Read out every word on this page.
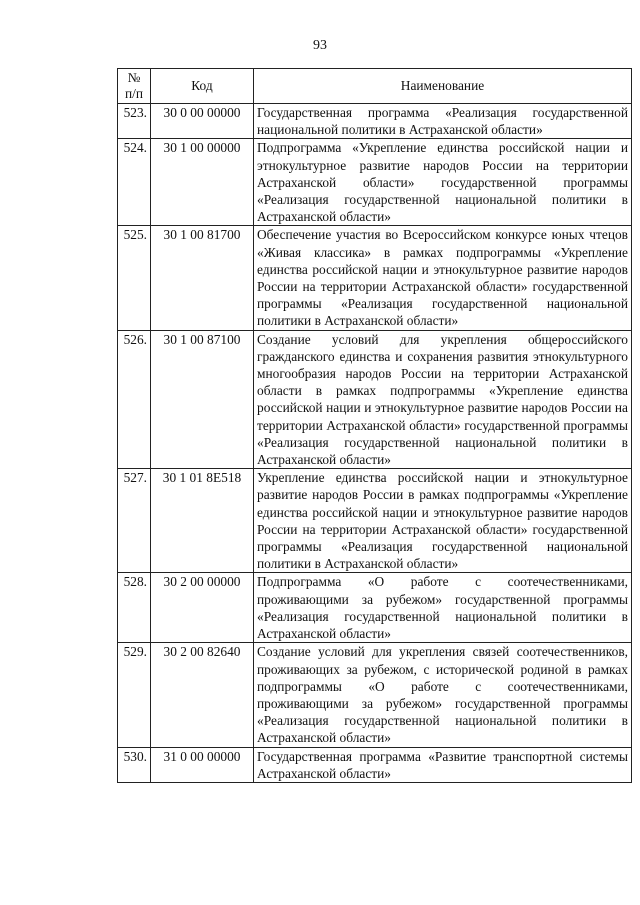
93
№ п/п	Код	Наименование
523.	30 0 00 00000	Государственная программа «Реализация государственной национальной политики в Астраханской области»
524.	30 1 00 00000	Подпрограмма «Укрепление единства российской нации и этнокультурное развитие народов России на территории Астраханской области» государственной программы «Реализация государственной национальной политики в Астраханской области»
525.	30 1 00 81700	Обеспечение участия во Всероссийском конкурсе юных чтецов «Живая классика» в рамках подпрограммы «Укрепление единства российской нации и этнокультурное развитие народов России на территории Астраханской области» государственной программы «Реализация государственной национальной политики в Астраханской области»
526.	30 1 00 87100	Создание условий для укрепления общероссийского гражданского единства и сохранения развития этнокультурного многообразия народов России на территории Астраханской области в рамках подпрограммы «Укрепление единства российской нации и этнокультурное развитие народов России на территории Астраханской области» государственной программы «Реализация государственной национальной политики в Астраханской области»
527.	30 1 01 8E518	Укрепление единства российской нации и этнокультурное развитие народов России в рамках подпрограммы «Укрепление единства российской нации и этнокультурное развитие народов России на территории Астраханской области» государственной программы «Реализация государственной национальной политики в Астраханской области»
528.	30 2 00 00000	Подпрограмма «О работе с соотечественниками, проживающими за рубежом» государственной программы «Реализация государственной национальной политики в Астраханской области»
529.	30 2 00 82640	Создание условий для укрепления связей соотечественников, проживающих за рубежом, с исторической родиной в рамках подпрограммы «О работе с соотечественниками, проживающими за рубежом» государственной программы «Реализация государственной национальной политики в Астраханской области»
530.	31 0 00 00000	Государственная программа «Развитие транспортной системы Астраханской области»
